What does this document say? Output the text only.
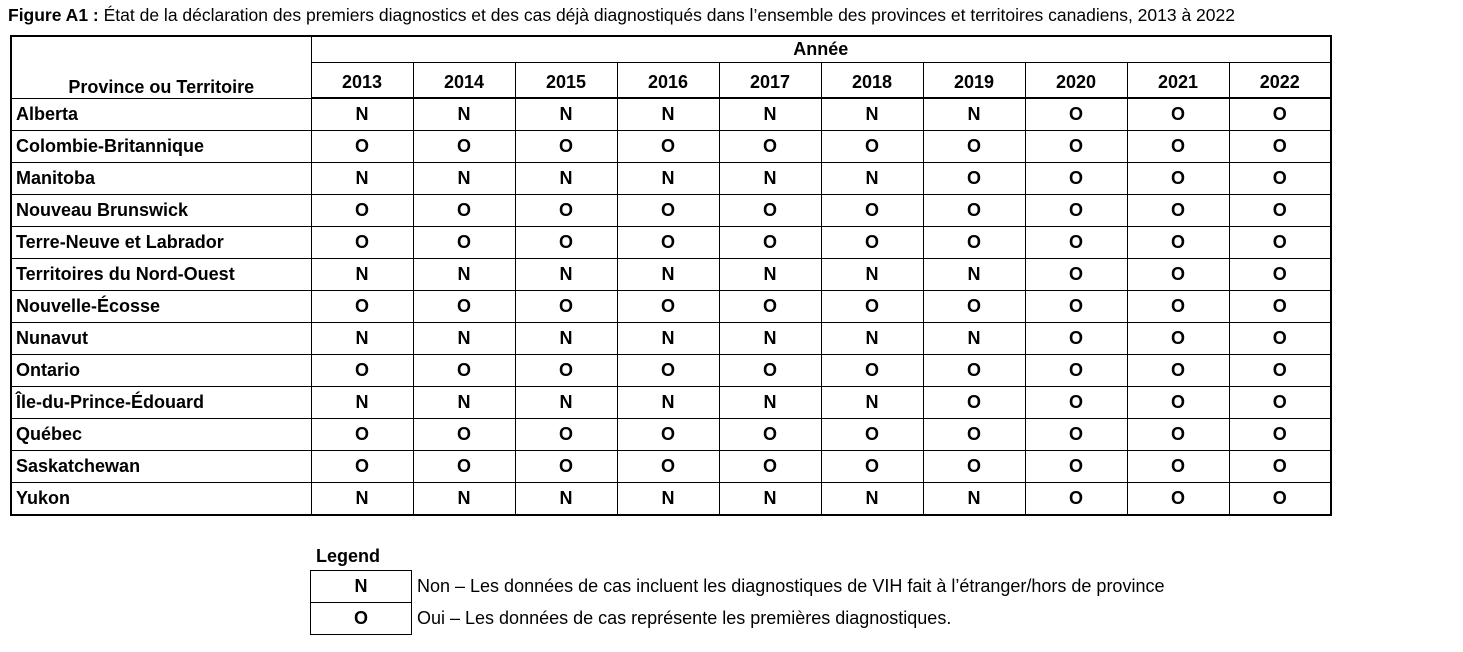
Figure A1 : État de la déclaration des premiers diagnostics et des cas déjà diagnostiqués dans l’ensemble des provinces et territoires canadiens, 2013 à 2022
Province ou Territoire	Année									
	2013	2014	2015	2016	2017	2018	2019	2020	2021	2022
Alberta	N	N	N	N	N	N	N	O	O	O
Colombie-Britannique	O	O	O	O	O	O	O	O	O	O
Manitoba	N	N	N	N	N	N	O	O	O	O
Nouveau Brunswick	O	O	O	O	O	O	O	O	O	O
Terre-Neuve et Labrador	O	O	O	O	O	O	O	O	O	O
Territoires du Nord-Ouest	N	N	N	N	N	N	N	O	O	O
Nouvelle-Écosse	O	O	O	O	O	O	O	O	O	O
Nunavut	N	N	N	N	N	N	N	O	O	O
Ontario	O	O	O	O	O	O	O	O	O	O
Île-du-Prince-Édouard	N	N	N	N	N	N	O	O	O	O
Québec	O	O	O	O	O	O	O	O	O	O
Saskatchewan	O	O	O	O	O	O	O	O	O	O
Yukon	N	N	N	N	N	N	N	O	O	O
Legend
N	Non – Les données de cas incluent les diagnostiques de VIH fait à l’étranger/hors de province
O	Oui – Les données de cas représente les premières diagnostiques.
